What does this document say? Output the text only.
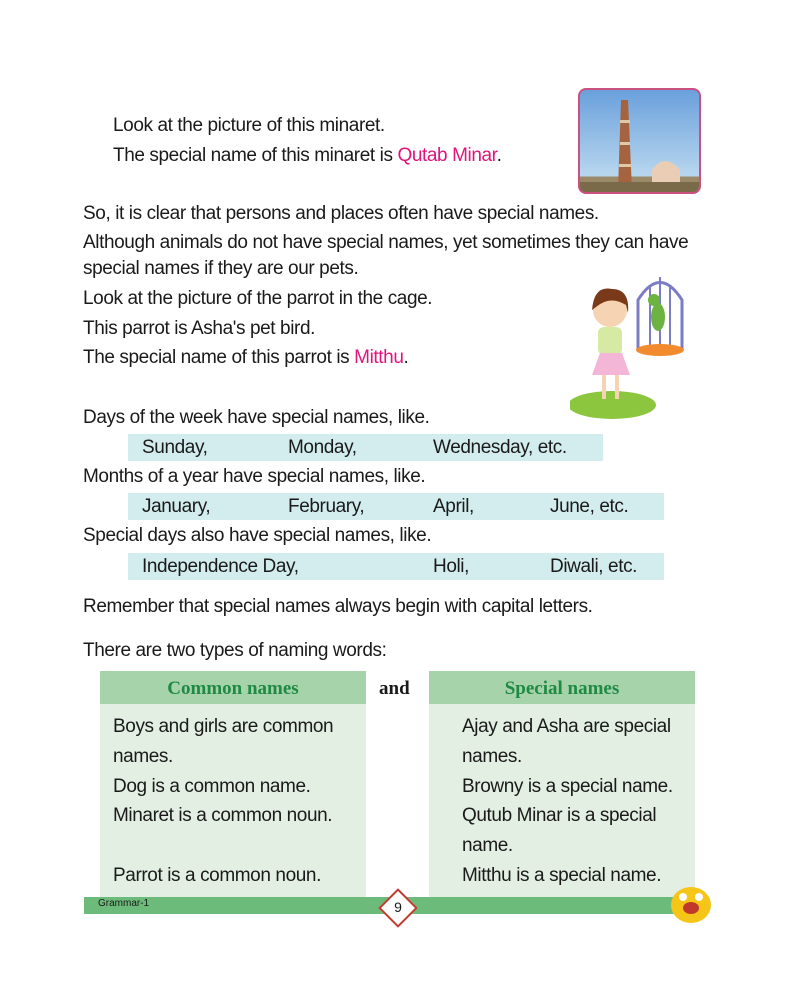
Look at the picture of this minaret.
The special name of this minaret is Qutab Minar.
So, it is clear that persons and places often have special names.
Although animals do not have special names, yet sometimes they can have
special names if they are our pets.
Look at the picture of the parrot in the cage.
This parrot is Asha's pet bird.
The special name of this parrot is Mitthu.
Days of the week have special names, like.
Sunday,	Monday,	Wednesday, etc.
Months of a year have special names, like.
January,	February,	April,	June, etc.
Special days also have special names, like.
Independence Day,	Holi,	Diwali, etc.
Remember that special names always begin with capital letters.
There are two types of naming words:
Common names
Boys and girls are common
names.
Dog is a common name.
Minaret is a common noun.
Parrot is a common noun.
and	Special names
Ajay and Asha are special
names.
Browny is a special name.
Qutub Minar is a special
name.
Mitthu is a special name.
Grammar-1	9
